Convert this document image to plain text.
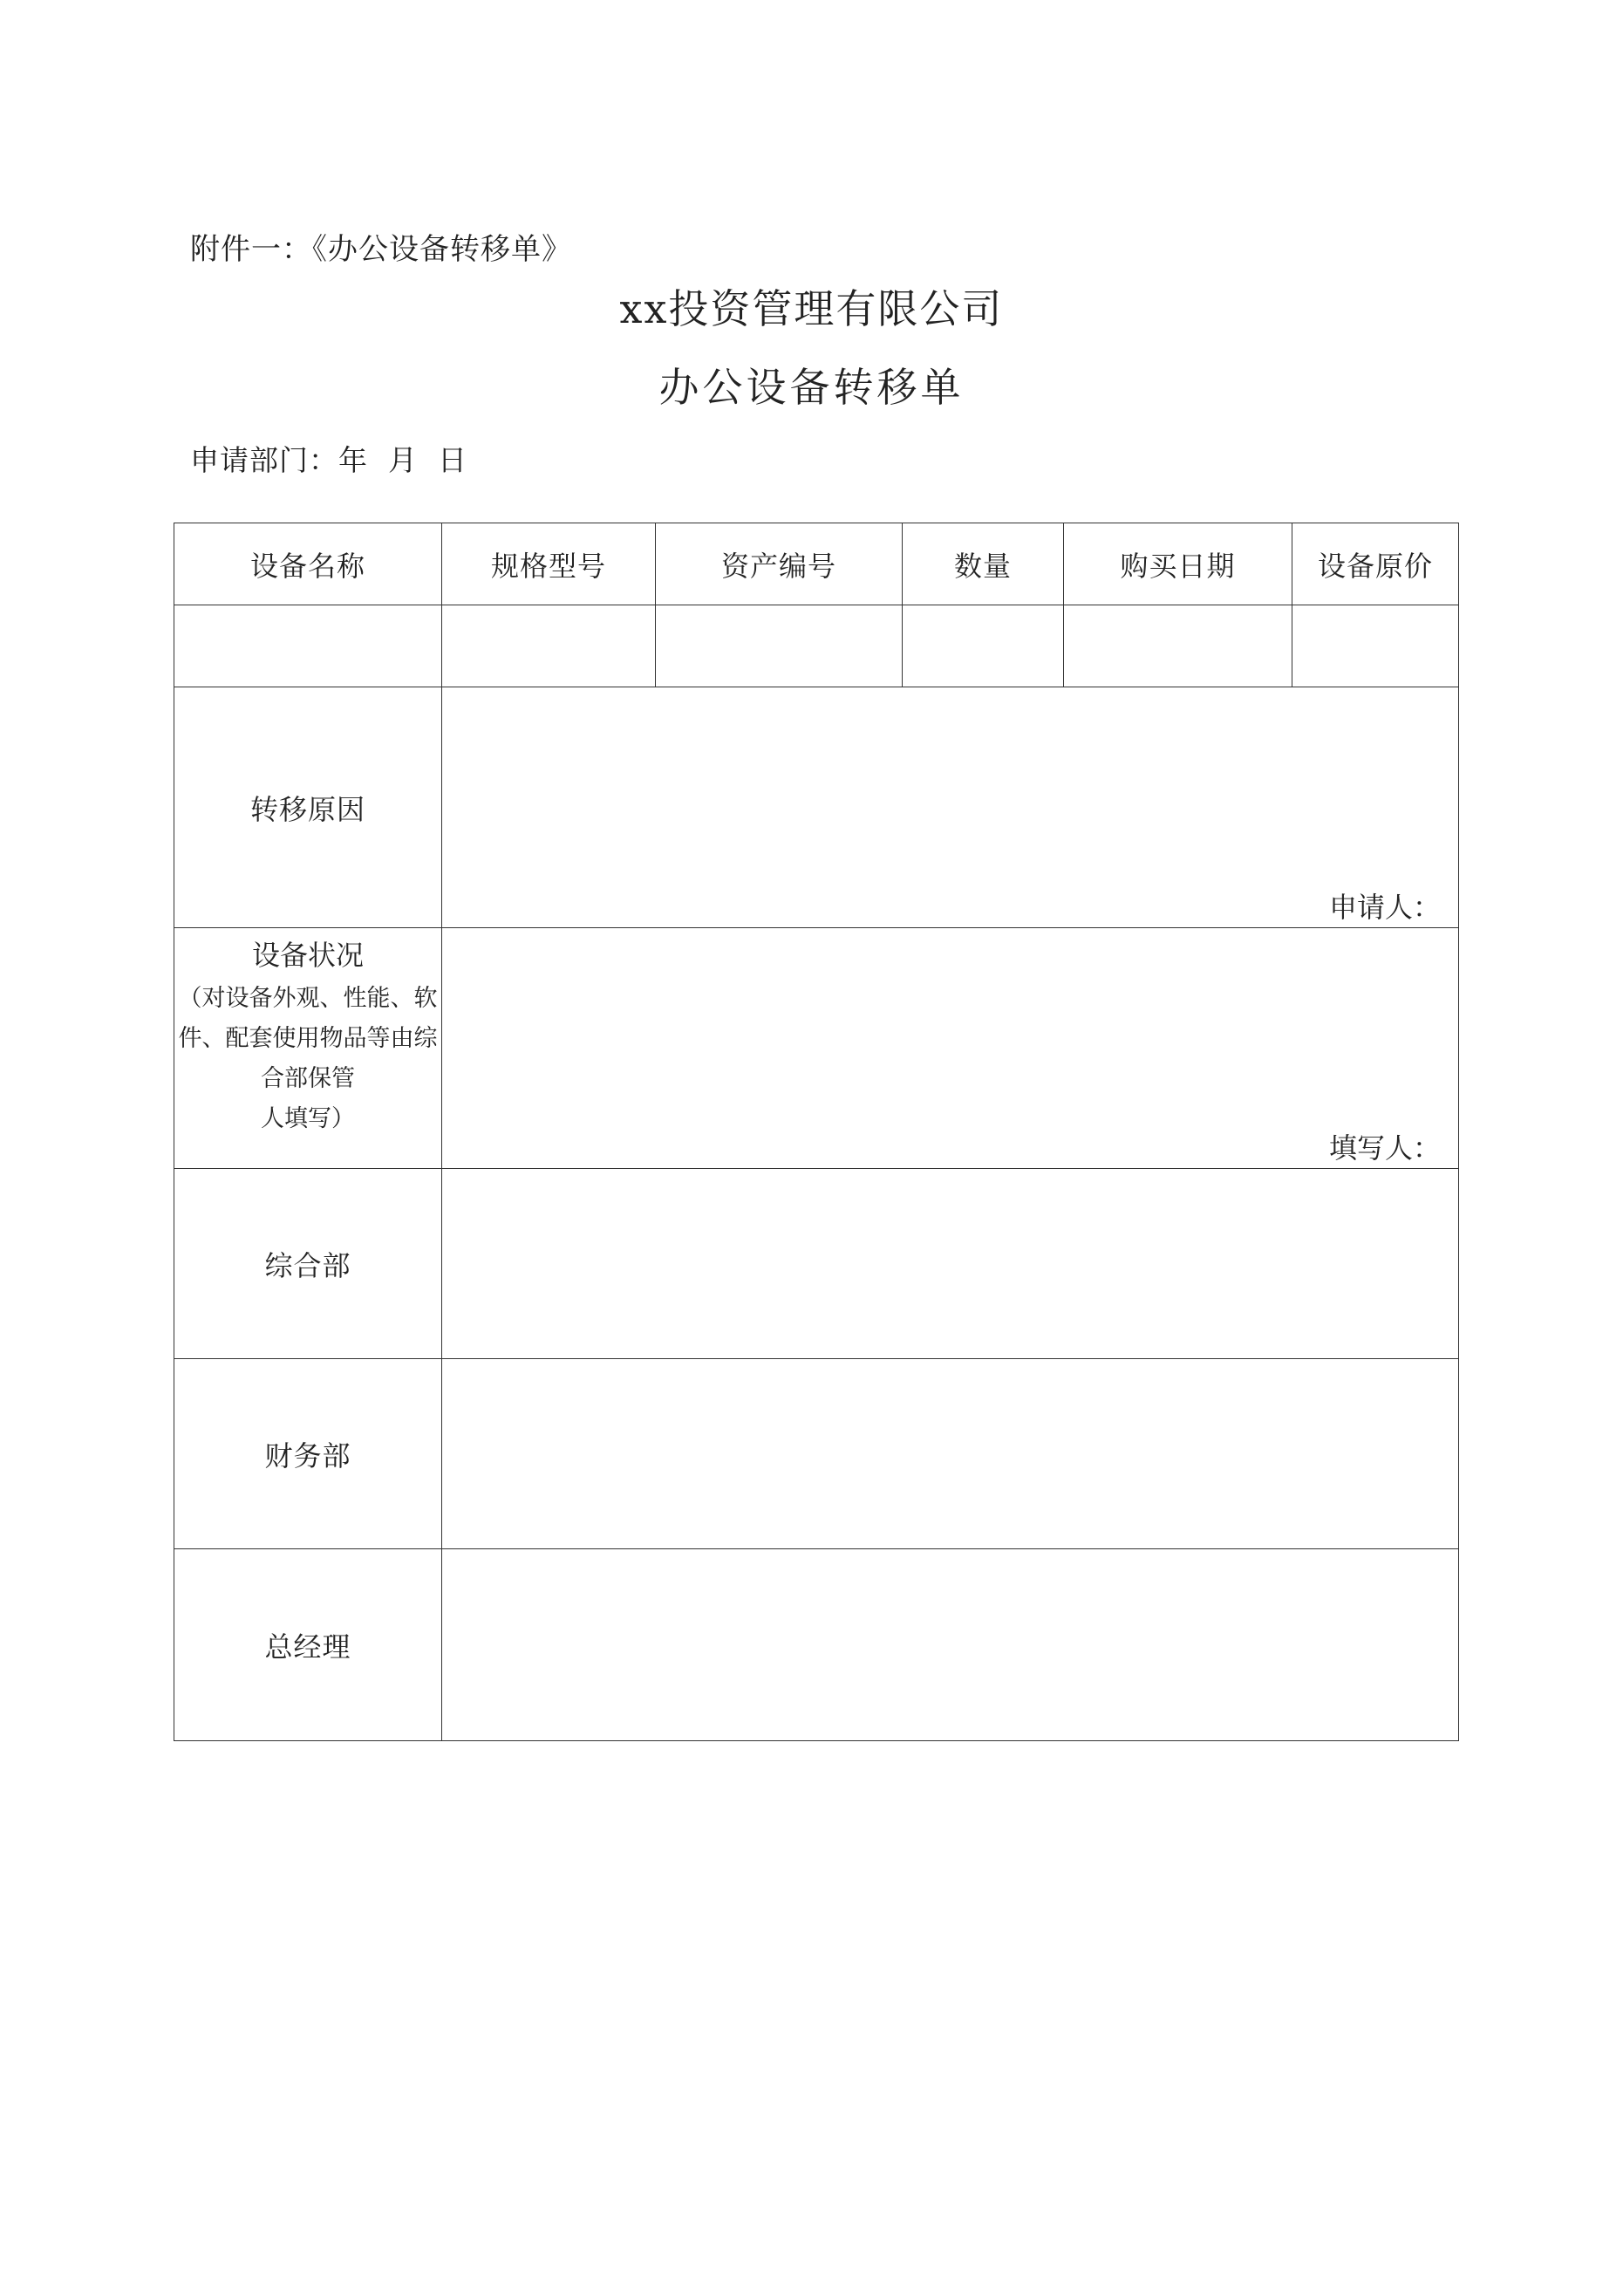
附件一：《办公设备转移单》
xx投资管理有限公司
办公设备转移单
申请部门：年  月  日
设备名称	规格型号	资产编号	数量	购买日期	设备原价

转移原因	申请人：				

设备状况
（对设备外观、性能、软
件、配套使用物品等由综
合部保管
人填写）	填写人：				

综合部					
财务部					
总经理					
